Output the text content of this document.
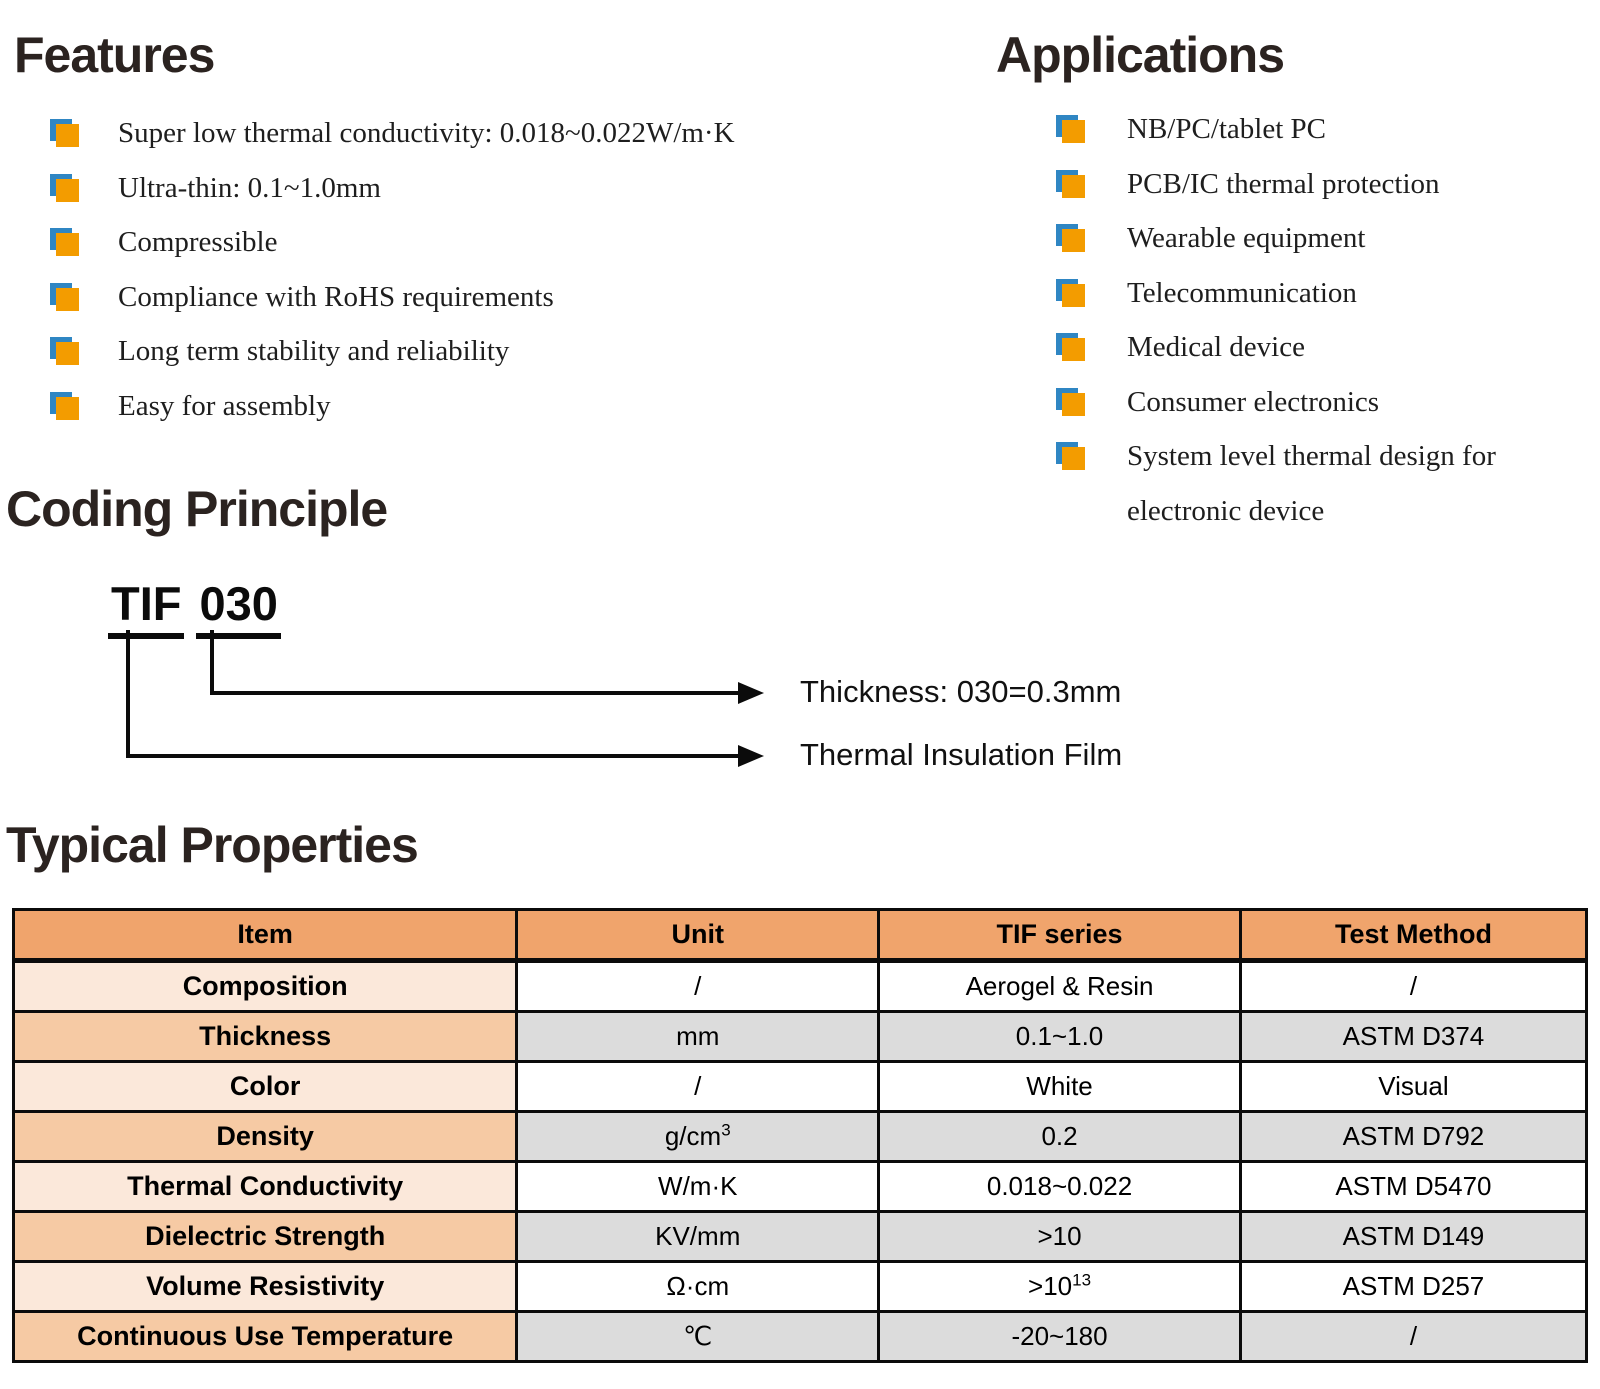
Features
Super low thermal conductivity: 0.018~0.022W/m·K
Ultra-thin: 0.1~1.0mm
Compressible
Compliance with RoHS requirements
Long term stability and reliability
Easy for assembly
Applications
NB/PC/tablet PC
PCB/IC thermal protection
Wearable equipment
Telecommunication
Medical device
Consumer electronics
System level thermal design for
electronic device
Coding Principle
TIF 030
Thickness: 030=0.3mm
Thermal Insulation Film
Typical Properties
Item	Unit	TIF series	Test Method
Composition	/	Aerogel & Resin	/
Thickness	mm	0.1~1.0	ASTM D374
Color	/	White	Visual
Density	$g/cm^3$	0.2	ASTM D792
Thermal Conductivity	W/m·K	0.018~0.022	ASTM D5470
Dielectric Strength	KV/mm	>10	ASTM D149
Volume Resistivity	Ω·cm	$>10^{13}$	ASTM D257
Continuous Use Temperature	℃	-20~180	/
